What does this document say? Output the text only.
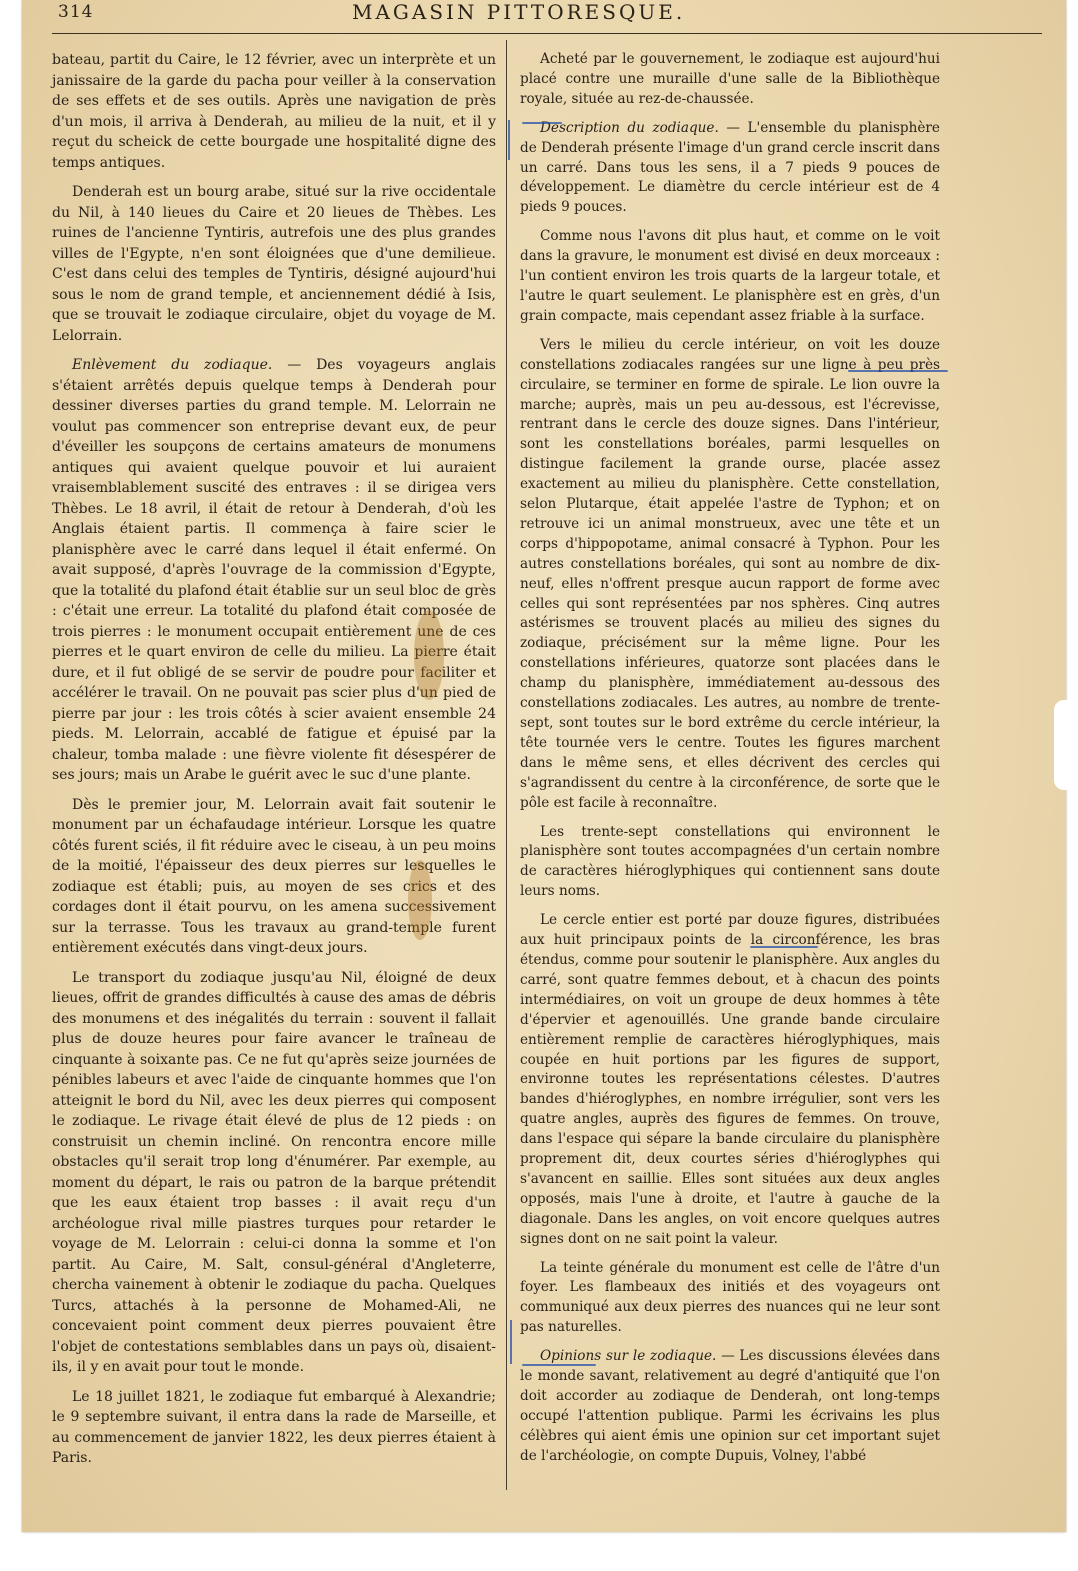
314	MAGASIN PITTORESQUE.

bateau, partit du Caire, le 12 février, avec un interprète et un janissaire de la garde du pacha pour veiller à la conservation de ses effets et de ses outils. Après une navigation de près d'un mois, il arriva à Denderah, au milieu de la nuit, et il y reçut du scheick de cette bourgade une hospitalité digne des temps antiques.

Denderah est un bourg arabe, situé sur la rive occidentale du Nil, à 140 lieues du Caire et 20 lieues de Thèbes. Les ruines de l'ancienne Tyntiris, autrefois une des plus grandes villes de l'Egypte, n'en sont éloignées que d'une demilieue. C'est dans celui des temples de Tyntiris, désigné aujourd'hui sous le nom de grand temple, et anciennement dédié à Isis, que se trouvait le zodiaque circulaire, objet du voyage de M. Lelorrain.

Enlèvement du zodiaque. — Des voyageurs anglais s'étaient arrêtés depuis quelque temps à Denderah pour dessiner diverses parties du grand temple. M. Lelorrain ne voulut pas commencer son entreprise devant eux, de peur d'éveiller les soupçons de certains amateurs de monumens antiques qui avaient quelque pouvoir et lui auraient vraisemblablement suscité des entraves : il se dirigea vers Thèbes. Le 18 avril, il était de retour à Denderah, d'où les Anglais étaient partis. Il commença à faire scier le planisphère avec le carré dans lequel il était enfermé. On avait supposé, d'après l'ouvrage de la commission d'Egypte, que la totalité du plafond était établie sur un seul bloc de grès : c'était une erreur. La totalité du plafond était composée de trois pierres : le monument occupait entièrement une de ces pierres et le quart environ de celle du milieu. La pierre était dure, et il fut obligé de se servir de poudre pour faciliter et accélérer le travail. On ne pouvait pas scier plus d'un pied de pierre par jour : les trois côtés à scier avaient ensemble 24 pieds. M. Lelorrain, accablé de fatigue et épuisé par la chaleur, tomba malade : une fièvre violente fit désespérer de ses jours; mais un Arabe le guérit avec le suc d'une plante.

Dès le premier jour, M. Lelorrain avait fait soutenir le monument par un échafaudage intérieur. Lorsque les quatre côtés furent sciés, il fit réduire avec le ciseau, à un peu moins de la moitié, l'épaisseur des deux pierres sur lesquelles le zodiaque est établi; puis, au moyen de ses crics et des cordages dont il était pourvu, on les amena successivement sur la terrasse. Tous les travaux au grand-temple furent entièrement exécutés dans vingt-deux jours.

Le transport du zodiaque jusqu'au Nil, éloigné de deux lieues, offrit de grandes difficultés à cause des amas de débris des monumens et des inégalités du terrain : souvent il fallait plus de douze heures pour faire avancer le traîneau de cinquante à soixante pas. Ce ne fut qu'après seize journées de pénibles labeurs et avec l'aide de cinquante hommes que l'on atteignit le bord du Nil, avec les deux pierres qui composent le zodiaque. Le rivage était élevé de plus de 12 pieds : on construisit un chemin incliné. On rencontra encore mille obstacles qu'il serait trop long d'énumérer. Par exemple, au moment du départ, le rais ou patron de la barque prétendit que les eaux étaient trop basses : il avait reçu d'un archéologue rival mille piastres turques pour retarder le voyage de M. Lelorrain : celui-ci donna la somme et l'on partit. Au Caire, M. Salt, consul-général d'Angleterre, chercha vainement à obtenir le zodiaque du pacha. Quelques Turcs, attachés à la personne de Mohamed-Ali, ne concevaient point comment deux pierres pouvaient être l'objet de contestations semblables dans un pays où, disaient-ils, il y en avait pour tout le monde.

Le 18 juillet 1821, le zodiaque fut embarqué à Alexandrie; le 9 septembre suivant, il entra dans la rade de Marseille, et au commencement de janvier 1822, les deux pierres étaient à Paris.

Acheté par le gouvernement, le zodiaque est aujourd'hui placé contre une muraille d'une salle de la Bibliothèque royale, située au rez-de-chaussée.

Description du zodiaque. — L'ensemble du planisphère de Denderah présente l'image d'un grand cercle inscrit dans un carré. Dans tous les sens, il a 7 pieds 9 pouces de développement. Le diamètre du cercle intérieur est de 4 pieds 9 pouces.

Comme nous l'avons dit plus haut, et comme on le voit dans la gravure, le monument est divisé en deux morceaux : l'un contient environ les trois quarts de la largeur totale, et l'autre le quart seulement. Le planisphère est en grès, d'un grain compacte, mais cependant assez friable à la surface.

Vers le milieu du cercle intérieur, on voit les douze constellations zodiacales rangées sur une ligne à peu près circulaire, se terminer en forme de spirale. Le lion ouvre la marche; auprès, mais un peu au-dessous, est l'écrevisse, rentrant dans le cercle des douze signes. Dans l'intérieur, sont les constellations boréales, parmi lesquelles on distingue facilement la grande ourse, placée assez exactement au milieu du planisphère. Cette constellation, selon Plutarque, était appelée l'astre de Typhon; et on retrouve ici un animal monstrueux, avec une tête et un corps d'hippopotame, animal consacré à Typhon. Pour les autres constellations boréales, qui sont au nombre de dix-neuf, elles n'offrent presque aucun rapport de forme avec celles qui sont représentées par nos sphères. Cinq autres astérismes se trouvent placés au milieu des signes du zodiaque, précisément sur la même ligne. Pour les constellations inférieures, quatorze sont placées dans le champ du planisphère, immédiatement au-dessous des constellations zodiacales. Les autres, au nombre de trente-sept, sont toutes sur le bord extrême du cercle intérieur, la tête tournée vers le centre. Toutes les figures marchent dans le même sens, et elles décrivent des cercles qui s'agrandissent du centre à la circonférence, de sorte que le pôle est facile à reconnaître.

Les trente-sept constellations qui environnent le planisphère sont toutes accompagnées d'un certain nombre de caractères hiéroglyphiques qui contiennent sans doute leurs noms.

Le cercle entier est porté par douze figures, distribuées aux huit principaux points de la circonférence, les bras étendus, comme pour soutenir le planisphère. Aux angles du carré, sont quatre femmes debout, et à chacun des points intermédiaires, on voit un groupe de deux hommes à tête d'épervier et agenouillés. Une grande bande circulaire entièrement remplie de caractères hiéroglyphiques, mais coupée en huit portions par les figures de support, environne toutes les représentations célestes. D'autres bandes d'hiéroglyphes, en nombre irrégulier, sont vers les quatre angles, auprès des figures de femmes. On trouve, dans l'espace qui sépare la bande circulaire du planisphère proprement dit, deux courtes séries d'hiéroglyphes qui s'avancent en saillie. Elles sont situées aux deux angles opposés, mais l'une à droite, et l'autre à gauche de la diagonale. Dans les angles, on voit encore quelques autres signes dont on ne sait point la valeur.

La teinte générale du monument est celle de l'âtre d'un foyer. Les flambeaux des initiés et des voyageurs ont communiqué aux deux pierres des nuances qui ne leur sont pas naturelles.

Opinions sur le zodiaque. — Les discussions élevées dans le monde savant, relativement au degré d'antiquité que l'on doit accorder au zodiaque de Denderah, ont long-temps occupé l'attention publique. Parmi les écrivains les plus célèbres qui aient émis une opinion sur cet important sujet de l'archéologie, on compte Dupuis, Volney, l'abbé
